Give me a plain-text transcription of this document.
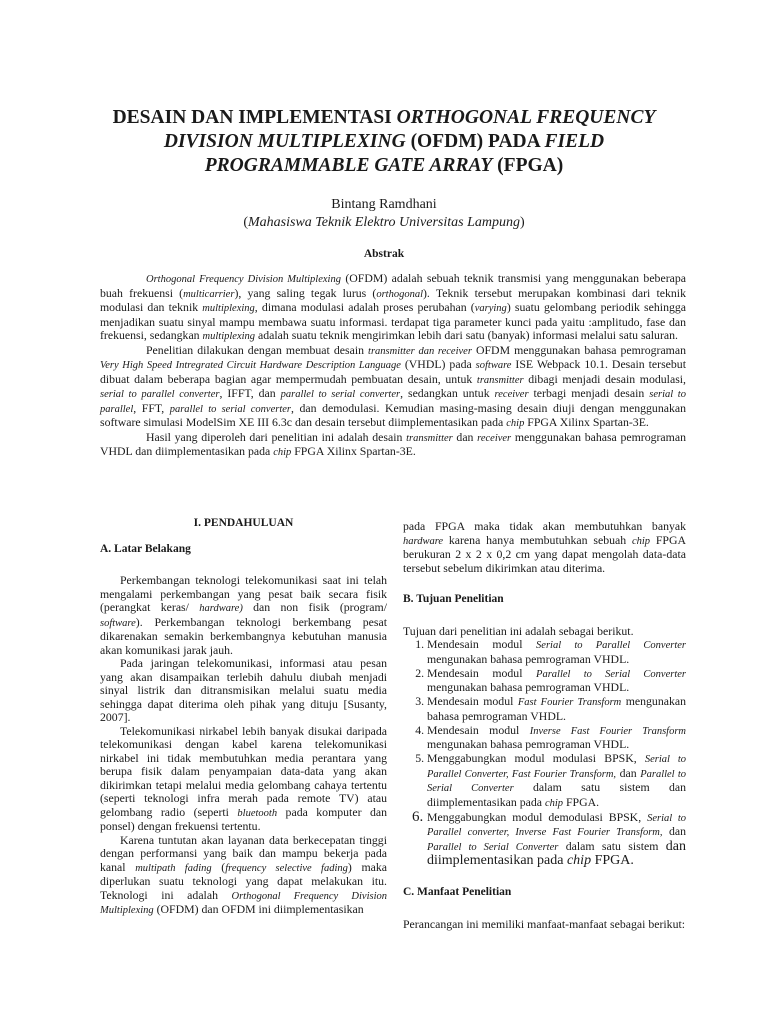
DESAIN DAN IMPLEMENTASI ORTHOGONAL FREQUENCY DIVISION MULTIPLEXING (OFDM) PADA FIELD PROGRAMMABLE GATE ARRAY (FPGA)
Bintang Ramdhani
(Mahasiswa Teknik Elektro Universitas Lampung)
Abstrak

Orthogonal Frequency Division Multiplexing (OFDM) adalah sebuah teknik transmisi yang menggunakan beberapa buah frekuensi (multicarrier), yang saling tegak lurus (orthogonal). Teknik tersebut merupakan kombinasi dari teknik modulasi dan teknik multiplexing, dimana modulasi adalah proses perubahan (varying) suatu gelombang periodik sehingga menjadikan suatu sinyal mampu membawa suatu informasi. terdapat tiga parameter kunci pada yaitu :amplitudo, fase dan frekuensi, sedangkan multiplexing adalah suatu teknik mengirimkan lebih dari satu (banyak) informasi melalui satu saluran.

Penelitian dilakukan dengan membuat desain transmitter dan receiver OFDM menggunakan bahasa pemrograman Very High Speed Intregrated Circuit Hardware Description Language (VHDL) pada software ISE Webpack 10.1. Desain tersebut dibuat dalam beberapa bagian agar mempermudah pembuatan desain, untuk transmitter dibagi menjadi desain modulasi, serial to parallel converter, IFFT, dan parallel to serial converter, sedangkan untuk receiver terbagi menjadi desain serial to parallel, FFT, parallel to serial converter, dan demodulasi. Kemudian masing-masing desain diuji dengan menggunakan software simulasi ModelSim XE III 6.3c dan desain tersebut diimplementasikan pada chip FPGA Xilinx Spartan-3E.

Hasil yang diperoleh dari penelitian ini adalah desain transmitter dan receiver menggunakan bahasa pemrograman VHDL dan diimplementasikan pada chip FPGA Xilinx Spartan-3E.

I. PENDAHULUAN
A. Latar Belakang

Perkembangan teknologi telekomunikasi saat ini telah mengalami perkembangan yang pesat baik secara fisik (perangkat keras/ hardware) dan non fisik (program/ software). Perkembangan teknologi berkembang pesat dikarenakan semakin berkembangnya kebutuhan manusia akan komunikasi jarak jauh.

Pada jaringan telekomunikasi, informasi atau pesan yang akan disampaikan terlebih dahulu diubah menjadi sinyal listrik dan ditransmisikan melalui suatu media sehingga dapat diterima oleh pihak yang dituju [Susanty, 2007].

Telekomunikasi nirkabel lebih banyak disukai daripada telekomunikasi dengan kabel karena telekomunikasi nirkabel ini tidak membutuhkan media perantara yang berupa fisik dalam penyampaian data-data yang akan dikirimkan tetapi melalui media gelombang cahaya tertentu (seperti teknologi infra merah pada remote TV) atau gelombang radio (seperti bluetooth pada komputer dan ponsel) dengan frekuensi tertentu.

Karena tuntutan akan layanan data berkecepatan tinggi dengan performansi yang baik dan mampu bekerja pada kanal multipath fading (frequency selective fading) maka diperlukan suatu teknologi yang dapat melakukan itu. Teknologi ini adalah Orthogonal Frequency Division Multiplexing (OFDM) dan OFDM ini diimplementasikan

pada FPGA maka tidak akan membutuhkan banyak hardware karena hanya membutuhkan sebuah chip FPGA berukuran 2 x 2 x 0,2 cm yang dapat mengolah data-data tersebut sebelum dikirimkan atau diterima.

B. Tujuan Penelitian

Tujuan dari penelitian ini adalah sebagai berikut.

1. Mendesain modul Serial to Parallel Converter mengunakan bahasa pemrograman VHDL.
2. Mendesain modul Parallel to Serial Converter mengunakan bahasa pemrograman VHDL.
3. Mendesain modul Fast Fourier Transform mengunakan bahasa pemrograman VHDL.
4. Mendesain modul Inverse Fast Fourier Transform mengunakan bahasa pemrograman VHDL.
5. Menggabungkan modul modulasi BPSK, Serial to Parallel Converter, Fast Fourier Transform, dan Parallel to Serial Converter dalam satu sistem dan diimplementasikan pada chip FPGA.
6. Menggabungkan modul demodulasi BPSK, Serial to Parallel converter, Inverse Fast Fourier Transform, dan Parallel to Serial Converter dalam satu sistem dan diimplementasikan pada chip FPGA.
C. Manfaat Penelitian

Perancangan ini memiliki manfaat-manfaat sebagai berikut:
